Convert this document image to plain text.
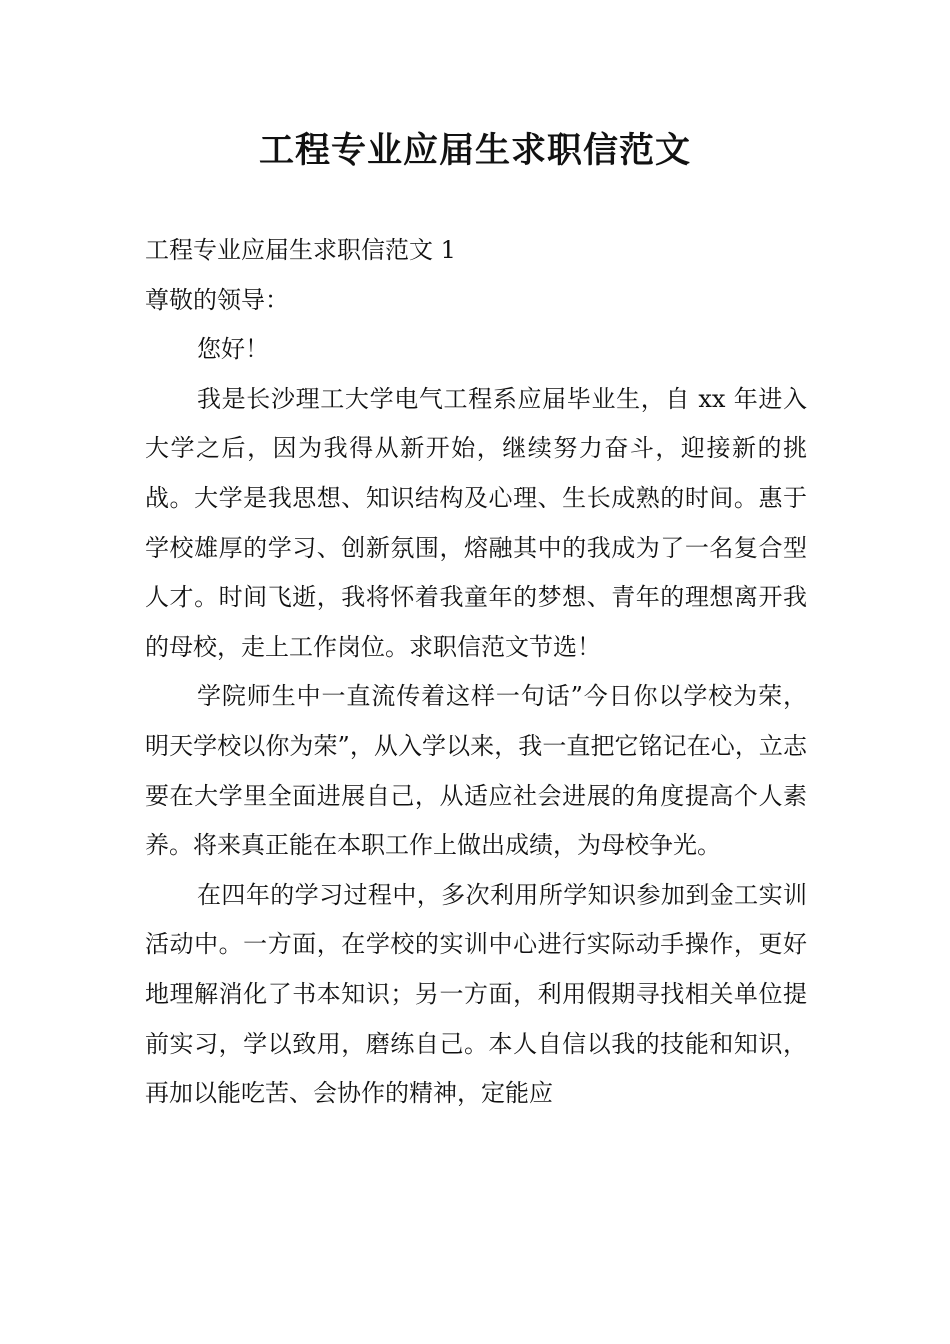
工程专业应届生求职信范文

工程专业应届生求职信范文 1

尊敬的领导：

您好！

我是长沙理工大学电气工程系应届毕业生，自 xx 年进入大学之后，因为我得从新开始，继续努力奋斗，迎接新的挑战。大学是我思想、知识结构及心理、生长成熟的时间。惠于学校雄厚的学习、创新氛围，熔融其中的我成为了一名复合型人才。时间飞逝，我将怀着我童年的梦想、青年的理想离开我的母校，走上工作岗位。求职信范文节选！

学院师生中一直流传着这样一句话”今日你以学校为荣，明天学校以你为荣”，从入学以来，我一直把它铭记在心，立志要在大学里全面进展自己，从适应社会进展的角度提高个人素养。将来真正能在本职工作上做出成绩，为母校争光。

在四年的学习过程中，多次利用所学知识参加到金工实训活动中。一方面，在学校的实训中心进行实际动手操作，更好地理解消化了书本知识；另一方面，利用假期寻找相关单位提前实习，学以致用，磨练自己。本人自信以我的技能和知识，再加以能吃苦、会协作的精神，定能应
